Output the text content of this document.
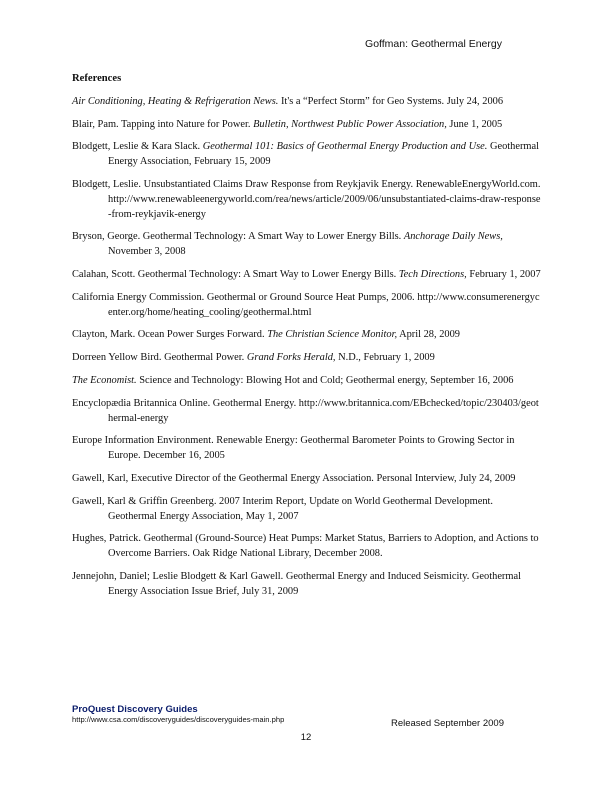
Goffman: Geothermal Energy
References

Air Conditioning, Heating & Refrigeration News. It's a “Perfect Storm” for Geo Systems. July 24, 2006

Blair, Pam. Tapping into Nature for Power. Bulletin, Northwest Public Power Association, June 1, 2005

Blodgett, Leslie & Kara Slack. Geothermal 101: Basics of Geothermal Energy Production and Use. Geothermal Energy Association, February 15, 2009

Blodgett, Leslie. Unsubstantiated Claims Draw Response from Reykjavik Energy. RenewableEnergyWorld.com. http://www.renewableenergyworld.com/rea/news/article/2009/06/unsubstantiated-claims-draw-response-from-reykjavik-energy

Bryson, George. Geothermal Technology: A Smart Way to Lower Energy Bills. Anchorage Daily News, November 3, 2008

Calahan, Scott. Geothermal Technology: A Smart Way to Lower Energy Bills. Tech Directions, February 1, 2007

California Energy Commission. Geothermal or Ground Source Heat Pumps, 2006. http://www.consumerenergycenter.org/home/heating_cooling/geothermal.html

Clayton, Mark. Ocean Power Surges Forward. The Christian Science Monitor, April 28, 2009

Dorreen Yellow Bird. Geothermal Power. Grand Forks Herald, N.D., February 1, 2009

The Economist. Science and Technology: Blowing Hot and Cold; Geothermal energy, September 16, 2006

Encyclopædia Britannica Online. Geothermal Energy. http://www.britannica.com/EBchecked/topic/230403/geothermal-energy

Europe Information Environment. Renewable Energy: Geothermal Barometer Points to Growing Sector in Europe. December 16, 2005

Gawell, Karl, Executive Director of the Geothermal Energy Association. Personal Interview, July 24, 2009

Gawell, Karl & Griffin Greenberg. 2007 Interim Report, Update on World Geothermal Development. Geothermal Energy Association, May 1, 2007

Hughes, Patrick. Geothermal (Ground-Source) Heat Pumps: Market Status, Barriers to Adoption, and Actions to Overcome Barriers. Oak Ridge National Library, December 2008.

Jennejohn, Daniel; Leslie Blodgett & Karl Gawell. Geothermal Energy and Induced Seismicity. Geothermal Energy Association Issue Brief, July 31, 2009

ProQuest Discovery Guides
http://www.csa.com/discoveryguides/discoveryguides-main.php	Released September 2009
12
